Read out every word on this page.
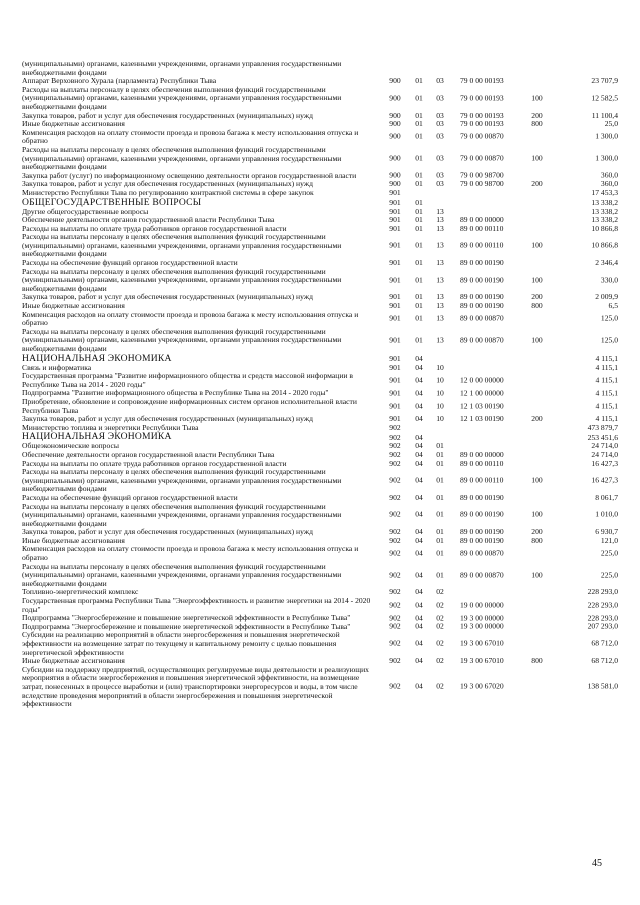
(муниципальными) органами, казенными учреждениями, органами управления государственными внебюджетными фондами
Аппарат Верховного Хурала (парламента) Республики Тыва	900	01	03	79 0 00 00193	23 707,9
Расходы на выплаты персоналу в целях обеспечения выполнения функций государственными (муниципальными) органами, казенными учреждениями, органами управления государственными внебюджетными фондами
900	01	03	79 0 00 00193	100	12 582,5
Закупка товаров, работ и услуг для обеспечения государственных (муниципальных) нужд	900	01	03	79 0 00 00193	200	11 100,4
Иные бюджетные ассигнования	900	01	03	79 0 00 00193	800	25,0
Компенсация расходов на оплату стоимости проезда и провоза багажа к месту использования отпуска и обратно	900	01	03	79 0 00 00870	1 300,0
Расходы на выплаты персоналу в целях обеспечения выполнения функций государственными (муниципальными) органами, казенными учреждениями, органами управления государственными внебюджетными фондами
900	01	03	79 0 00 00870	100	1 300,0
Закупка работ (услуг) по информационному освещению деятельности органов государственной власти	900	01	03	79 0 00 98700	360,0
Закупка товаров, работ и услуг для обеспечения государственных (муниципальных) нужд	900	01	03	79 0 00 98700	200	360,0
Министерство Республики Тыва по регулированию контрактной системы в сфере закупок	901	17 453,3
ОБЩЕГОСУДАРСТВЕННЫЕ ВОПРОСЫ	901	01	13 338,2
Другие общегосударственные вопросы	901	01	13	13 338,2
Обеспечение деятельности органов государственной власти Республики Тыва	901	01	13	89 0 00 00000	13 338,2
Расходы на выплаты по оплате труда работников органов государственной власти	901	01	13	89 0 00 00110	10 866,8
Расходы на выплаты персоналу в целях обеспечения выполнения функций государственными (муниципальными) органами, казенными учреждениями, органами управления государственными внебюджетными фондами
901	01	13	89 0 00 00110	100	10 866,8
Расходы на обеспечение функций органов государственной власти	901	01	13	89 0 00 00190	2 346,4
Расходы на выплаты персоналу в целях обеспечения выполнения функций государственными (муниципальными) органами, казенными учреждениями, органами управления государственными внебюджетными фондами
901	01	13	89 0 00 00190	100	330,0
Закупка товаров, работ и услуг для обеспечения государственных (муниципальных) нужд	901	01	13	89 0 00 00190	200	2 009,9
Иные бюджетные ассигнования	901	01	13	89 0 00 00190	800	6,5
Компенсация расходов на оплату стоимости проезда и провоза багажа к месту использования отпуска и обратно	901	01	13	89 0 00 00870	125,0
Расходы на выплаты персоналу в целях обеспечения выполнения функций государственными (муниципальными) органами, казенными учреждениями, органами управления государственными внебюджетными фондами
901	01	13	89 0 00 00870	100	125,0
НАЦИОНАЛЬНАЯ ЭКОНОМИКА	901	04	4 115,1
Связь и информатика	901	04	10	4 115,1
Государственная программа "Развитие информационного общества и средств массовой информации в Республике Тыва на 2014 - 2020 годы"	901	04	10	12 0 00 00000	4 115,1
Подпрограмма "Развитие информационного общества в Республике Тыва на 2014 - 2020 годы"	901	04	10	12 1 00 00000	4 115,1
Приобретение, обновление и сопровождение информационных систем органов исполнительной власти Республики Тыва	901	04	10	12 1 03 00190	4 115,1
Закупка товаров, работ и услуг для обеспечения государственных (муниципальных) нужд	901	04	10	12 1 03 00190	200	4 115,1
Министерство топлива и энергетики Республики Тыва	902	473 879,7
НАЦИОНАЛЬНАЯ ЭКОНОМИКА	902	04	253 451,6
Общеэкономические вопросы	902	04	01	24 714,0
Обеспечение деятельности органов государственной власти Республики Тыва	902	04	01	89 0 00 00000	24 714,0
Расходы на выплаты по оплате труда работников органов государственной власти	902	04	01	89 0 00 00110	16 427,3
Расходы на выплаты персоналу в целях обеспечения выполнения функций государственными (муниципальными) органами, казенными учреждениями, органами управления государственными внебюджетными фондами
902	04	01	89 0 00 00110	100	16 427,3
Расходы на обеспечение функций органов государственной власти	902	04	01	89 0 00 00190	8 061,7
Расходы на выплаты персоналу в целях обеспечения выполнения функций государственными (муниципальными) органами, казенными учреждениями, органами управления государственными внебюджетными фондами
902	04	01	89 0 00 00190	100	1 010,0
Закупка товаров, работ и услуг для обеспечения государственных (муниципальных) нужд	902	04	01	89 0 00 00190	200	6 930,7
Иные бюджетные ассигнования	902	04	01	89 0 00 00190	800	121,0
Компенсация расходов на оплату стоимости проезда и провоза багажа к месту использования отпуска и обратно	902	04	01	89 0 00 00870	225,0
Расходы на выплаты персоналу в целях обеспечения выполнения функций государственными (муниципальными) органами, казенными учреждениями, органами управления государственными внебюджетными фондами
902	04	01	89 0 00 00870	100	225,0
Топливно-энергетический комплекс	902	04	02	228 293,0
Государственная программа Республики Тыва "Энергоэффективность и развитие энергетики на 2014 - 2020 годы"	902	04	02	19 0 00 00000	228 293,0
Подпрограмма "Энергосбережение и повышение энергетической эффективности в Республике Тыва"	902	04	02	19 3 00 00000	228 293,0
Подпрограмма "Энергосбережение и повышение энергетической эффективности в Республике Тыва"	902	04	02	19 3 00 00000	207 293,0
Субсидии на реализацию мероприятий в области энергосбережения и повышения энергетической эффективности на возмещение затрат по текущему и капитальному ремонту с целью повышения энергетической эффективности
902	04	02	19 3 00 67010	68 712,0
Иные бюджетные ассигнования	902	04	02	19 3 00 67010	800	68 712,0
Субсидии на поддержку предприятий, осуществляющих регулируемые виды деятельности и реализующих мероприятия в области энергосбережения и повышения энергетической эффективности, на возмещение затрат, понесенных в процессе выработки и (или) транспортировки энергоресурсов и воды, в том числе вследствие проведения мероприятий в области энергосбережения и повышения энергетической эффективности
902	04	02	19 3 00 67020	138 581,0
45
